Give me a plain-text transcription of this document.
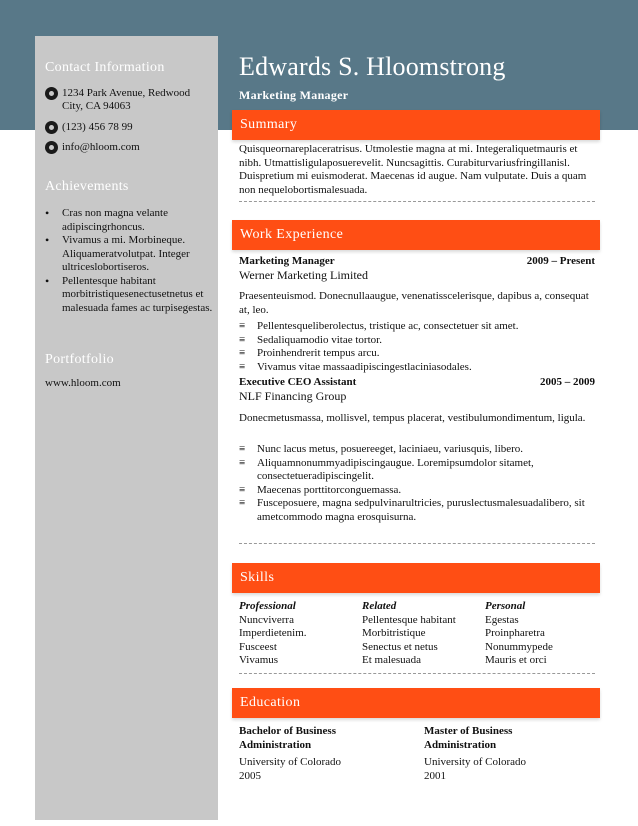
Contact Information
1234 Park Avenue, Redwood City, CA 94063
(123) 456 78 99
info@hloom.com
Achievements
• Cras non magna velante adipiscingrhoncus.
• Vivamus a mi. Morbineque. Aliquameratvolutpat. Integer ultriceslobortiseros.
• Pellentesque habitant morbitristiquesenectusetnetus et malesuada fames ac turpisegestas.
Portfotfolio
www.hloom.com
Edwards S. Hloomstrong
Marketing Manager
Summary
Quisqueornareplaceratrisus. Utmolestie magna at mi. Integeraliquetmauris et nibh. Utmattisligulaposuerevelit. Nuncsagittis. Curabiturvariusfringillanisl. Duispretium mi euismoderat. Maecenas id augue. Nam vulputate. Duis a quam non nequelobortismalesuada.
Work Experience
Marketing Manager	2009 – Present
Werner Marketing Limited
Praesenteuismod. Donecnullaaugue, venenatisscelerisque, dapibus a, consequat at, leo.
≡ Pellentesqueliberolectus, tristique ac, consectetuer sit amet.
≡ Sedaliquamodio vitae tortor.
≡ Proinhendrerit tempus arcu.
≡ Vivamus vitae massaadipiscingestlaciniasodales.
Executive CEO Assistant	2005 – 2009
NLF Financing Group
Donecmetusmassa, mollisvel, tempus placerat, vestibulumondimentum, ligula.
≡ Nunc lacus metus, posuereeget, laciniaeu, variusquis, libero.
≡ Aliquamnonummyadipiscingaugue. Loremipsumdolor sitamet, consectetueradipiscingelit.
≡ Maecenas porttitorconguemassa.
≡ Fusceposuere, magna sedpulvinarultricies, puruslectusmalesuadalibero, sit ametcommodo magna erosquisurna.
Skills
Professional
Nuncviverra
Imperdietenim.
Fusceest
Vivamus
Related
Pellentesque habitant
Morbitristique
Senectus et netus
Et malesuada
Personal
Egestas
Proinpharetra
Nonummypede
Mauris et orci
Education
Bachelor of Business Administration
University of Colorado
2005
Master of Business Administration
University of Colorado
2001
